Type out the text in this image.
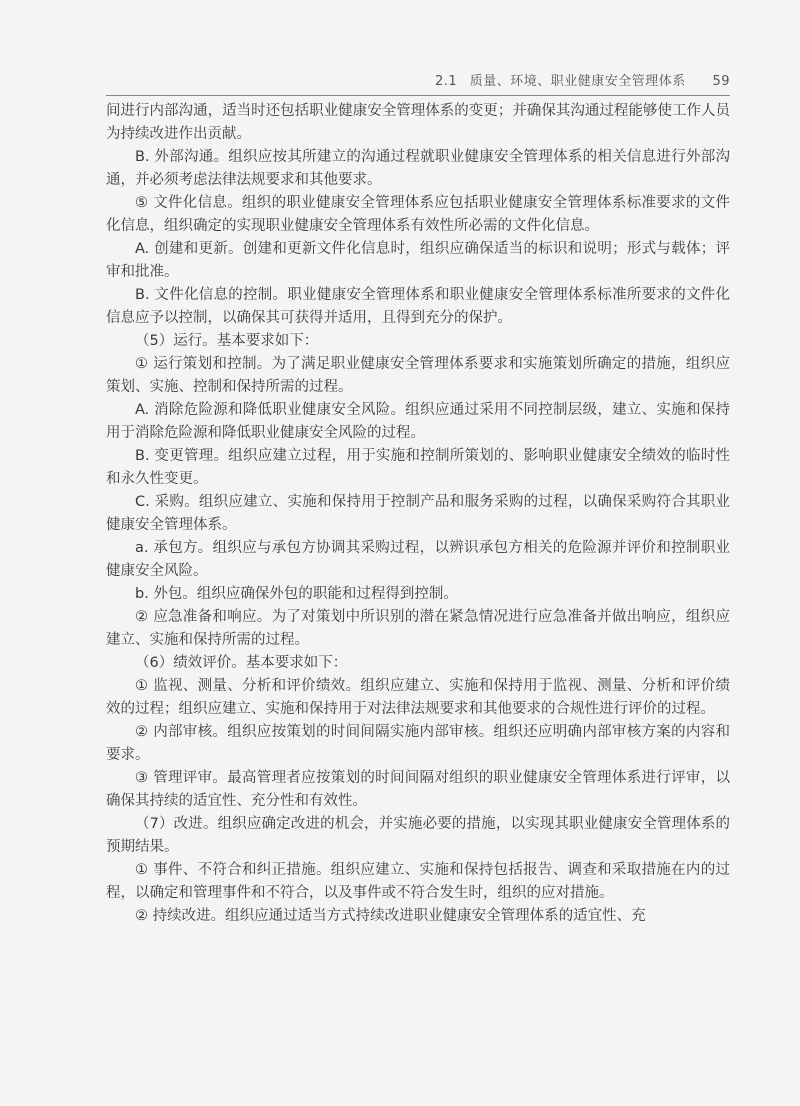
2.1 质量、环境、职业健康安全管理体系 59

间进行内部沟通，适当时还包括职业健康安全管理体系的变更；并确保其沟通过程能够使工作人员为持续改进作出贡献。

B. 外部沟通。组织应按其所建立的沟通过程就职业健康安全管理体系的相关信息进行外部沟通，并必须考虑法律法规要求和其他要求。

⑤ 文件化信息。组织的职业健康安全管理体系应包括职业健康安全管理体系标准要求的文件化信息，组织确定的实现职业健康安全管理体系有效性所必需的文件化信息。

A. 创建和更新。创建和更新文件化信息时，组织应确保适当的标识和说明；形式与载体；评审和批准。

B. 文件化信息的控制。职业健康安全管理体系和职业健康安全管理体系标准所要求的文件化信息应予以控制，以确保其可获得并适用，且得到充分的保护。

（5）运行。基本要求如下：

① 运行策划和控制。为了满足职业健康安全管理体系要求和实施策划所确定的措施，组织应策划、实施、控制和保持所需的过程。

A. 消除危险源和降低职业健康安全风险。组织应通过采用不同控制层级，建立、实施和保持用于消除危险源和降低职业健康安全风险的过程。

B. 变更管理。组织应建立过程，用于实施和控制所策划的、影响职业健康安全绩效的临时性和永久性变更。

C. 采购。组织应建立、实施和保持用于控制产品和服务采购的过程，以确保采购符合其职业健康安全管理体系。

a. 承包方。组织应与承包方协调其采购过程，以辨识承包方相关的危险源并评价和控制职业健康安全风险。

b. 外包。组织应确保外包的职能和过程得到控制。

② 应急准备和响应。为了对策划中所识别的潜在紧急情况进行应急准备并做出响应，组织应建立、实施和保持所需的过程。

（6）绩效评价。基本要求如下：

① 监视、测量、分析和评价绩效。组织应建立、实施和保持用于监视、测量、分析和评价绩效的过程；组织应建立、实施和保持用于对法律法规要求和其他要求的合规性进行评价的过程。

② 内部审核。组织应按策划的时间间隔实施内部审核。组织还应明确内部审核方案的内容和要求。

③ 管理评审。最高管理者应按策划的时间间隔对组织的职业健康安全管理体系进行评审，以确保其持续的适宜性、充分性和有效性。

（7）改进。组织应确定改进的机会，并实施必要的措施，以实现其职业健康安全管理体系的预期结果。

① 事件、不符合和纠正措施。组织应建立、实施和保持包括报告、调查和采取措施在内的过程，以确定和管理事件和不符合，以及事件或不符合发生时，组织的应对措施。

② 持续改进。组织应通过适当方式持续改进职业健康安全管理体系的适宜性、充
